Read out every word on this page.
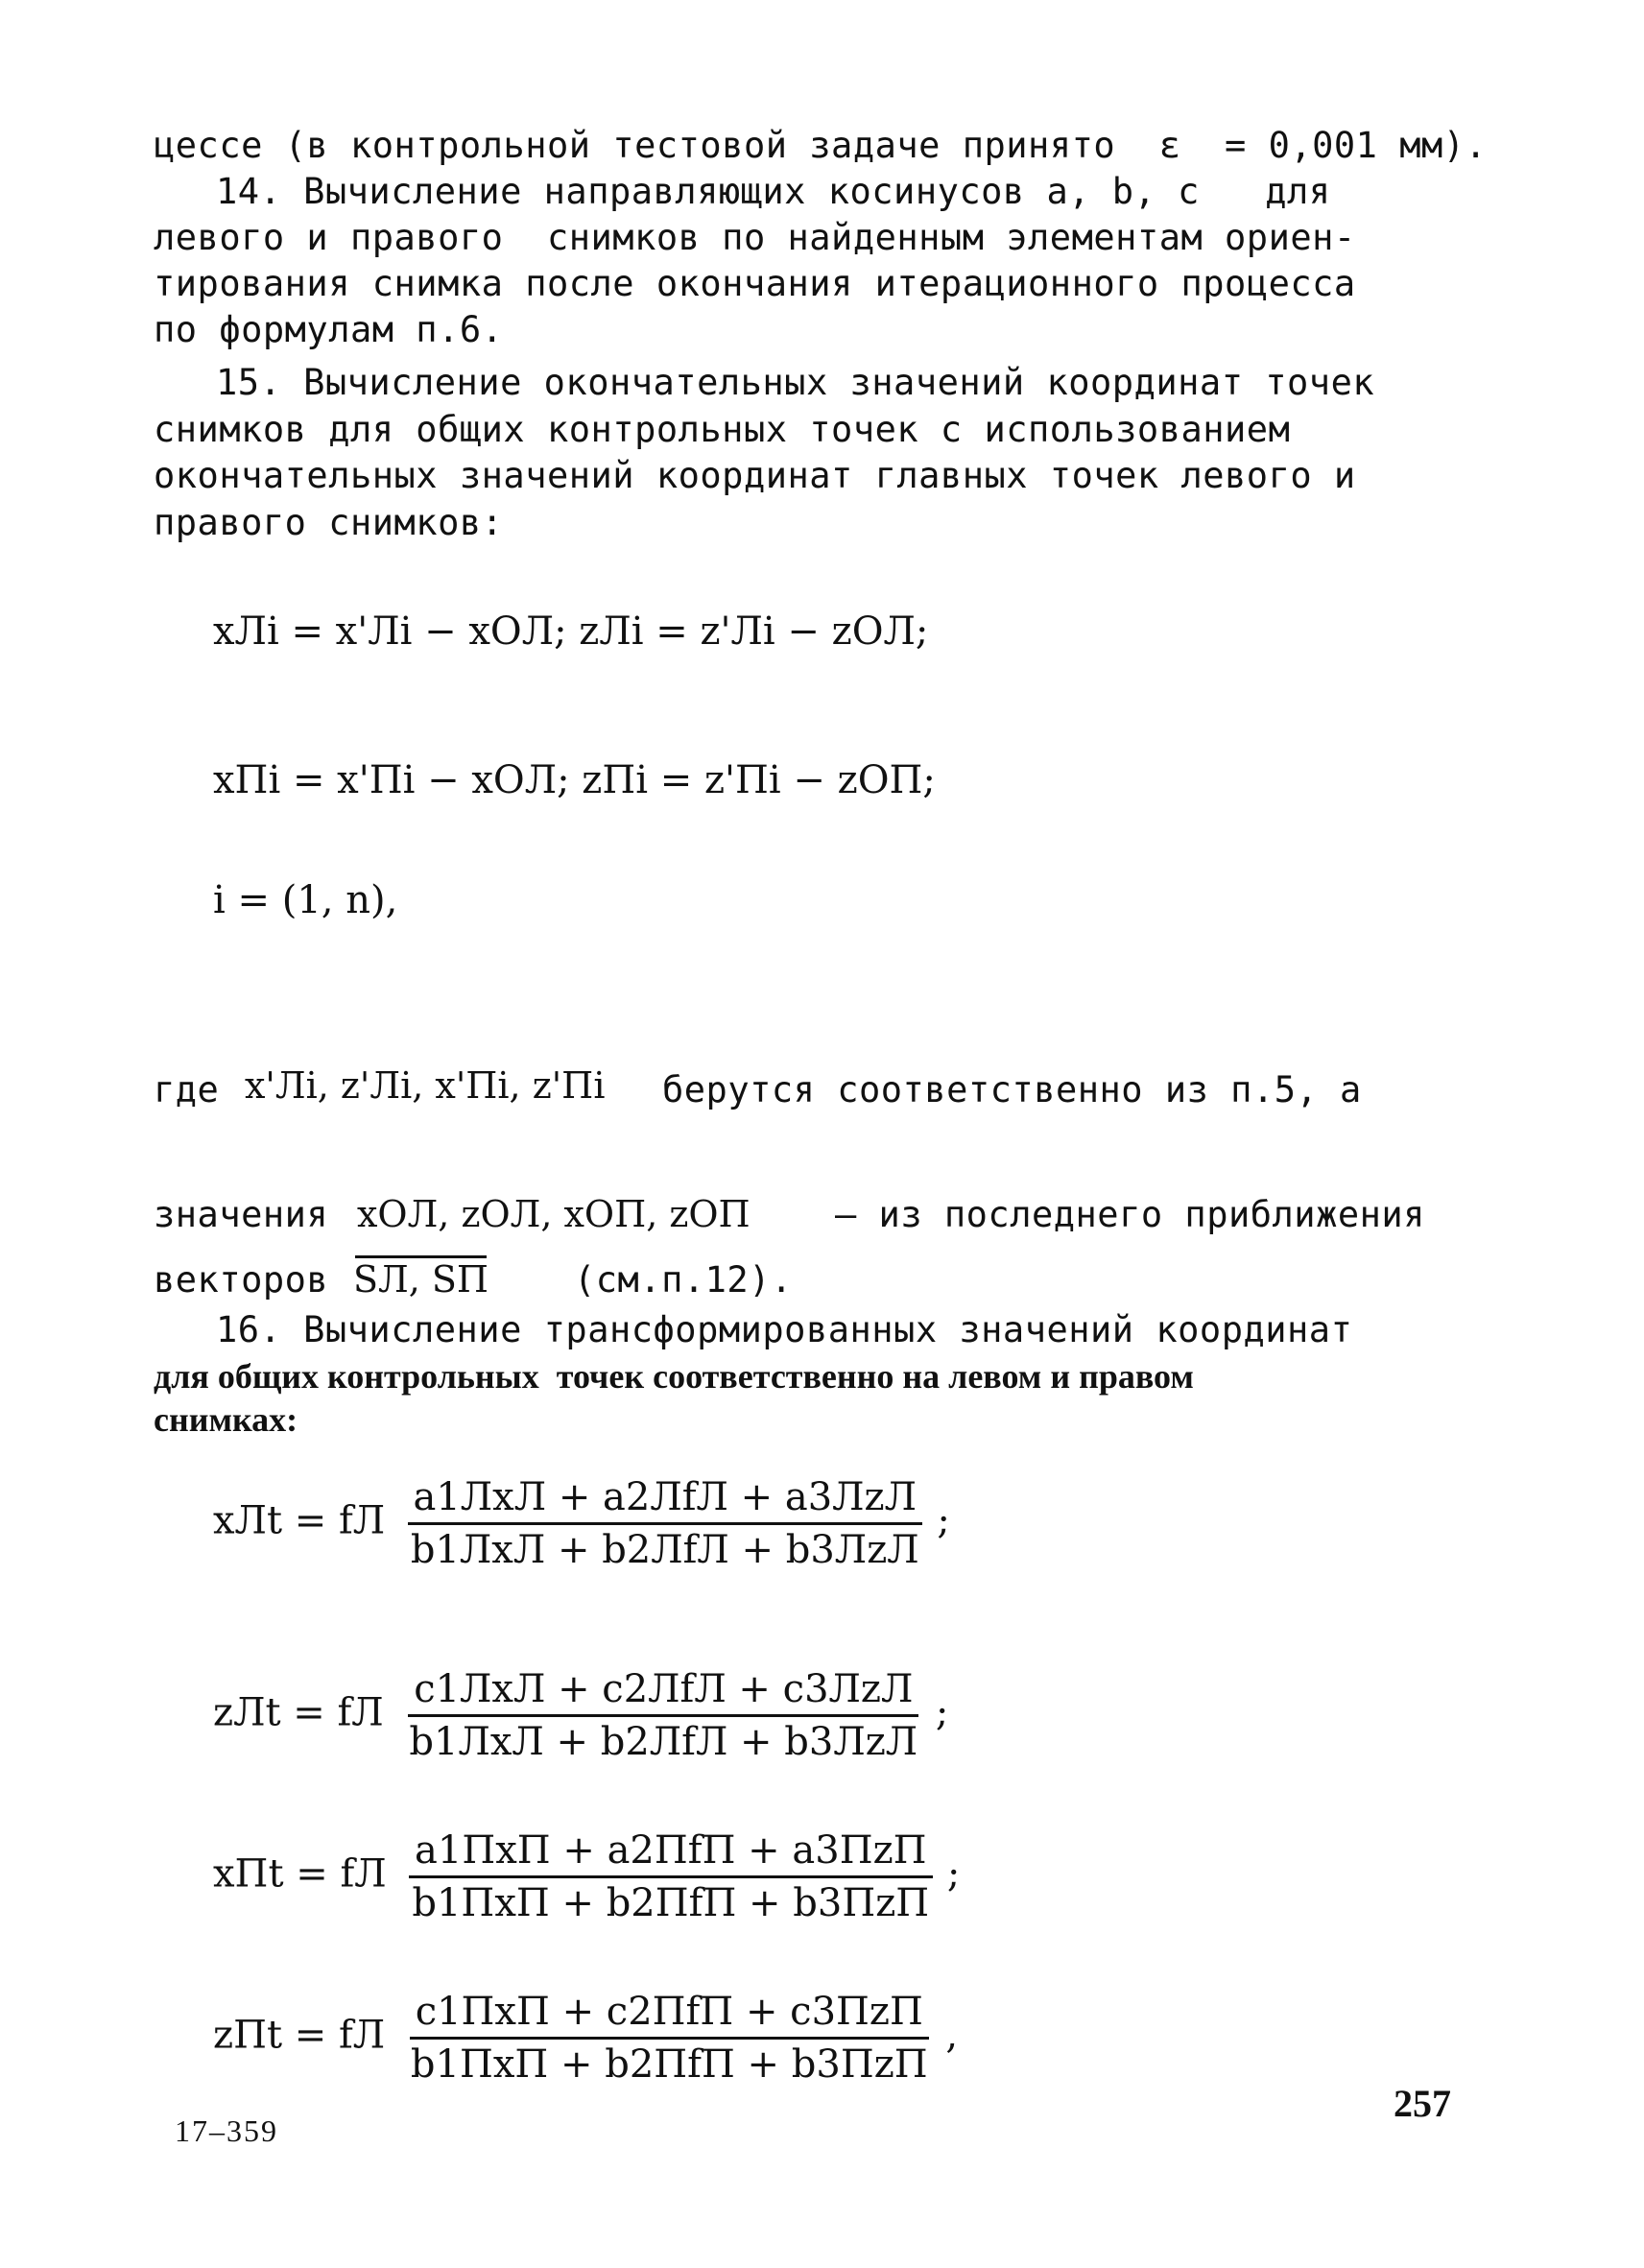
цессе (в контрольной тестовой задаче принято  ε  = 0,001 мм).
14. Вычисление направляющих косинусов a, b, c   для
левого и правого  снимков по найденным элементам ориен-
тирования снимка после окончания итерационного процесса
по формулам п.6.
15. Вычисление окончательных значений координат точек
снимков для общих контрольных точек с использованием
окончательных значений координат главных точек левого и
правого снимков:
xЛi = x'Лi − xОЛ; zЛi = z'Лi − zОЛ;
xПi = x'Пi − xОЛ; zПi = z'Пi − zОП;
i = (1, n),
где x'Лi, z'Лi, x'Пi, z'Пi берутся соответственно из п.5, а
значения xОЛ, zОЛ, xОП, zОП – из последнего приближения
векторов SЛ, SП (см.п.12).
16. Вычисление трансформированных значений координат
для общих контрольных  точек соответственно на левом и правом
снимках:
xЛt = fЛ $\frac{\text{a1ЛxЛ + a2ЛfЛ + a3ЛzЛ}}{\text{b1ЛxЛ + b2ЛfЛ + b3ЛzЛ}}$ ;
zЛt = fЛ $\frac{\text{c1ЛxЛ + c2ЛfЛ + c3ЛzЛ}}{\text{b1ЛxЛ + b2ЛfЛ + b3ЛzЛ}}$ ;
xПt = fЛ $\frac{\text{a1ПxП + a2ПfП + a3ПzП}}{\text{b1ПxП + b2ПfП + b3ПzП}}$ ;
zПt = fЛ $\frac{\text{c1ПxП + c2ПfП + c3ПzП}}{\text{b1ПxП + b2ПfП + b3ПzП}}$ ,
257
17–359
